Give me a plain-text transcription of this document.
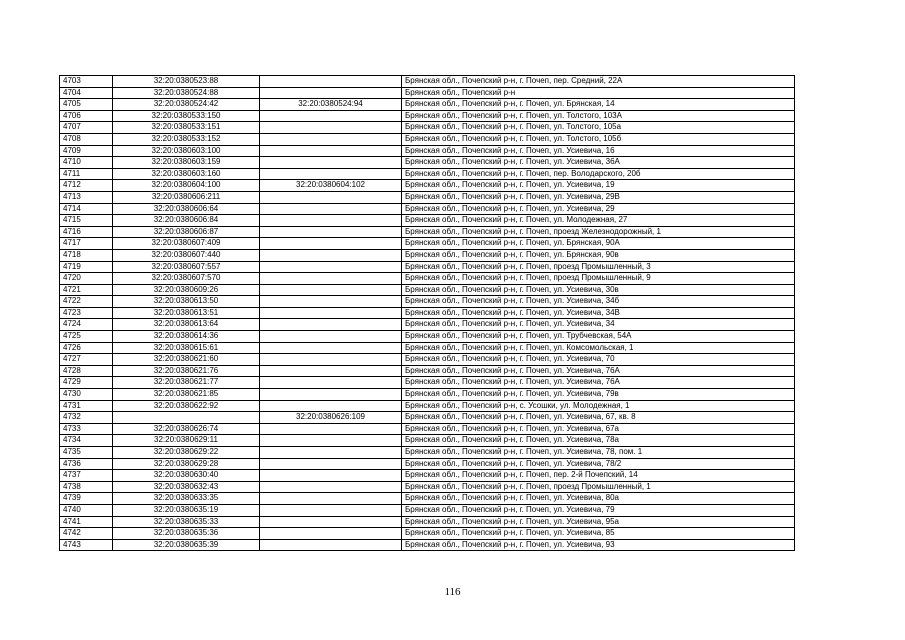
4703	32:20:0380523:88		Брянская обл., Почепский р-н, г. Почеп, пер. Средний, 22А
4704	32:20:0380524:88		Брянская обл., Почепский р-н
4705	32:20:0380524:42	32:20:0380524:94	Брянская обл., Почепский р-н, г. Почеп, ул. Брянская, 14
4706	32:20:0380533:150		Брянская обл., Почепский р-н, г. Почеп, ул. Толстого, 103А
4707	32:20:0380533:151		Брянская обл., Почепский р-н, г. Почеп, ул. Толстого, 105а
4708	32:20:0380533:152		Брянская обл., Почепский р-н, г. Почеп, ул. Толстого, 105б
4709	32:20:0380603:100		Брянская обл., Почепский р-н, г. Почеп, ул. Усиевича, 16
4710	32:20:0380603:159		Брянская обл., Почепский р-н, г. Почеп, ул. Усиевича, 36А
4711	32:20:0380603:160		Брянская обл., Почепский р-н, г. Почеп, пер. Володарского, 20б
4712	32:20:0380604:100	32:20:0380604:102	Брянская обл., Почепский р-н, г. Почеп, ул. Усиевича, 19
4713	32:20:0380606:211		Брянская обл., Почепский р-н, г. Почеп, ул. Усиевича, 29В
4714	32:20:0380606:64		Брянская обл., Почепский р-н, г. Почеп, ул. Усиевича, 29
4715	32:20:0380606:84		Брянская обл., Почепский р-н, г. Почеп, ул. Молодежная, 27
4716	32:20:0380606:87		Брянская обл., Почепский р-н, г. Почеп, проезд Железнодорожный, 1
4717	32:20:0380607:409		Брянская обл., Почепский р-н, г. Почеп, ул. Брянская, 90А
4718	32:20:0380607:440		Брянская обл., Почепский р-н, г. Почеп, ул. Брянская, 90в
4719	32:20:0380607:557		Брянская обл., Почепский р-н, г. Почеп, проезд Промышленный, 3
4720	32:20:0380607:570		Брянская обл., Почепский р-н, г. Почеп, проезд Промышленный, 9
4721	32:20:0380609:26		Брянская обл., Почепский р-н, г. Почеп, ул. Усиевича, 30в
4722	32:20:0380613:50		Брянская обл., Почепский р-н, г. Почеп, ул. Усиевича, 34б
4723	32:20:0380613:51		Брянская обл., Почепский р-н, г. Почеп, ул. Усиевича, 34В
4724	32:20:0380613:64		Брянская обл., Почепский р-н, г. Почеп, ул. Усиевича, 34
4725	32:20:0380614:36		Брянская обл., Почепский р-н, г. Почеп, ул. Трубчевская, 54А
4726	32:20:0380615:61		Брянская обл., Почепский р-н, г. Почеп, ул. Комсомольская, 1
4727	32:20:0380621:60		Брянская обл., Почепский р-н, г. Почеп, ул. Усиевича, 70
4728	32:20:0380621:76		Брянская обл., Почепский р-н, г. Почеп, ул. Усиевича, 76А
4729	32:20:0380621:77		Брянская обл., Почепский р-н, г. Почеп, ул. Усиевича, 76А
4730	32:20:0380621:85		Брянская обл., Почепский р-н, г. Почеп, ул. Усиевича, 79в
4731	32:20:0380622:92		Брянская обл., Почепский р-н, с. Усошки, ул. Молодежная, 1
4732		32:20:0380626:109	Брянская обл., Почепский р-н, г. Почеп, ул. Усиевича, 67, кв. 8
4733	32:20:0380626:74		Брянская обл., Почепский р-н, г. Почеп, ул. Усиевича, 67а
4734	32:20:0380629:11		Брянская обл., Почепский р-н, г. Почеп, ул. Усиевича, 78а
4735	32:20:0380629:22		Брянская обл., Почепский р-н, г. Почеп, ул. Усиевича, 78, пом. 1
4736	32:20:0380629:28		Брянская обл., Почепский р-н, г. Почеп, ул. Усиевича, 78/2
4737	32:20:0380630:40		Брянская обл., Почепский р-н, г. Почеп, пер. 2-й Почепский, 14
4738	32:20:0380632:43		Брянская обл., Почепский р-н, г. Почеп, проезд Промышленный, 1
4739	32:20:0380633:35		Брянская обл., Почепский р-н, г. Почеп, ул. Усиевича, 80а
4740	32:20:0380635:19		Брянская обл., Почепский р-н, г. Почеп, ул. Усиевича, 79
4741	32:20:0380635:33		Брянская обл., Почепский р-н, г. Почеп, ул. Усиевича, 95а
4742	32:20:0380635:36		Брянская обл., Почепский р-н, г. Почеп, ул. Усиевича, 85
4743	32:20:0380635:39		Брянская обл., Почепский р-н, г. Почеп, ул. Усиевича, 93
116
